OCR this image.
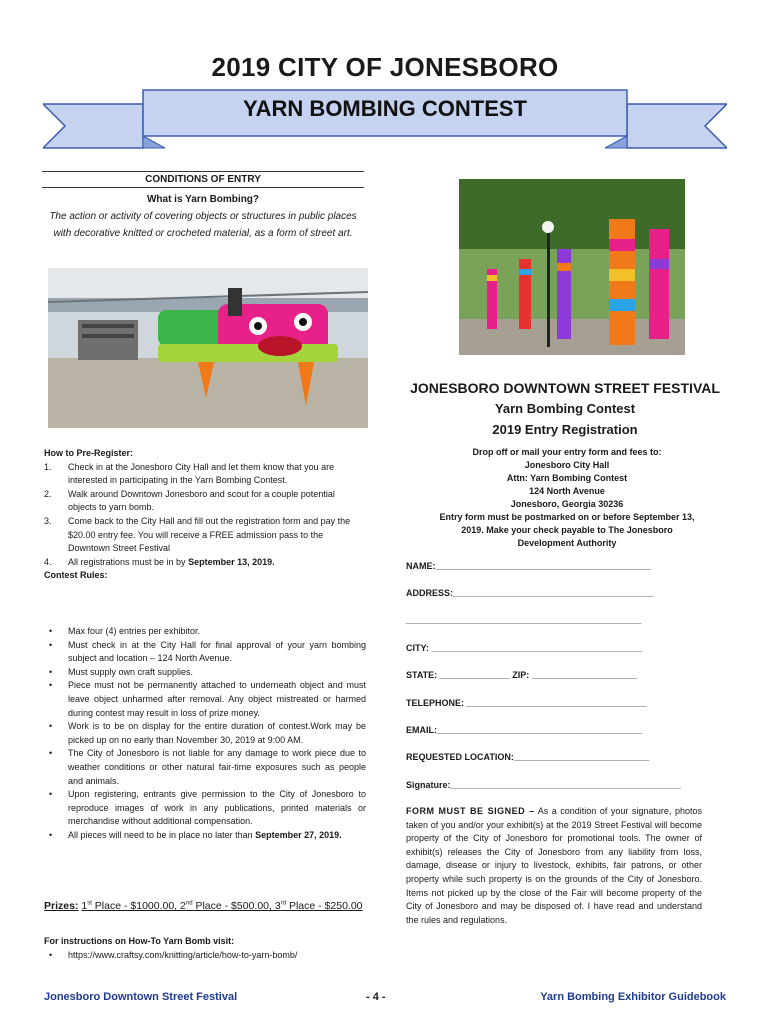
2019 CITY OF JONESBORO
YARN BOMBING CONTEST
CONDITIONS OF ENTRY
What is Yarn Bombing?
The action or activity of covering objects or structures in public places with decorative knitted or crocheted material, as a form of street art.
JONESBORO DOWNTOWN STREET FESTIVAL
Yarn Bombing Contest
2019 Entry Registration
Drop off or mail your entry form and fees to:
Jonesboro City Hall
Attn: Yarn Bombing Contest
124 North Avenue
Jonesboro, Georgia 30236
Entry form must be postmarked on or before September 13,
2019. Make your check payable to The Jonesboro
Development Authority
NAME:___________________________________________
ADDRESS:________________________________________
_______________________________________________
CITY: __________________________________________
STATE: ______________ ZIP: _____________________
TELEPHONE: ____________________________________
EMAIL:_________________________________________
REQUESTED LOCATION:___________________________
Signature:______________________________________________
FORM MUST BE SIGNED – As a condition of your signature, photos taken of you and/or your exhibit(s) at the 2019 Street Festival will become property of the City of Jonesboro for promotional tools. The owner of exhibit(s) releases the City of Jonesboro from any liability from loss, damage, disease or injury to livestock, exhibits, fair patrons, or other property while such property is on the grounds of the City of Jonesboro. Items not picked up by the close of the Fair will become property of the City of Jonesboro and may be disposed of. I have read and understand the rules and regulations.
How to Pre-Register:
1. Check in at the Jonesboro City Hall and let them know that you are interested in participating in the Yarn Bombing Contest.
2. Walk around Downtown Jonesboro and scout for a couple potential objects to yarn bomb.
3. Come back to the City Hall and fill out the registration form and pay the $20.00 entry fee. You will receive a FREE admission pass to the Downtown Street Festival
4. All registrations must be in by September 13, 2019.
Contest Rules:
• Max four (4) entries per exhibitor.
• Must check in at the City Hall for final approval of your yarn bombing subject and location – 124 North Avenue.
• Must supply own craft supplies.
• Piece must not be permanently attached to underneath object and must leave object unharmed after removal. Any object mistreated or harmed during contest may result in loss of prize money.
• Work is to be on display for the entire duration of contest.Work may be picked up on no early than November 30, 2019 at 9:00 AM.
• The City of Jonesboro is not liable for any damage to work piece due to weather conditions or other natural fair-time exposures such as people and animals.
• Upon registering, entrants give permission to the City of Jonesboro to reproduce images of work in any publications, printed materials or merchandise without additional compensation.
• All pieces will need to be in place no later than September 27, 2019.
Prizes: 1st Place - $1000.00, 2nd Place - $500.00, 3rd Place - $250.00
For instructions on How-To Yarn Bomb visit:
• https://www.craftsy.com/knitting/article/how-to-yarn-bomb/
Jonesboro Downtown Street Festival	- 4 -	Yarn Bombing Exhibitor Guidebook
